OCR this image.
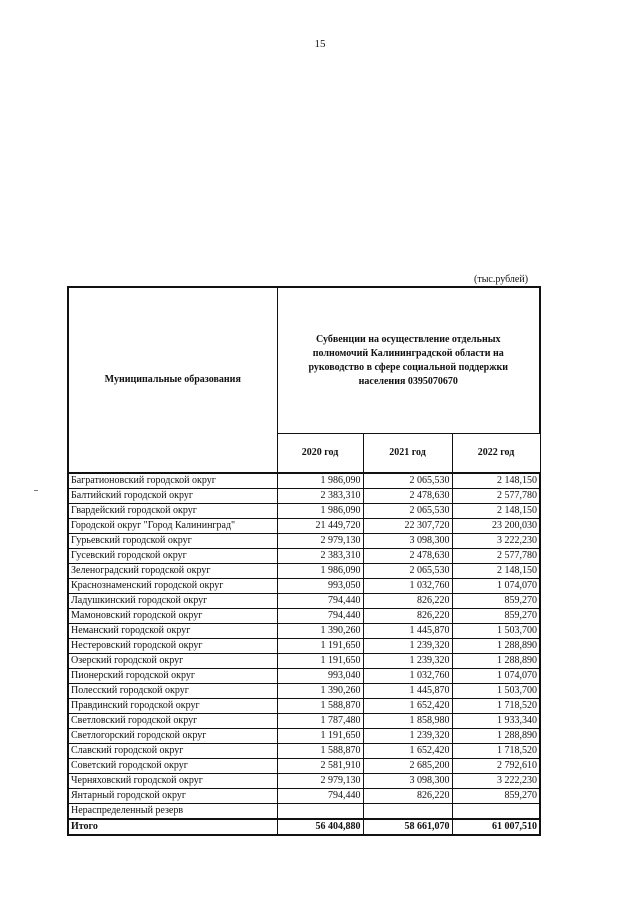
15
(тыс.рублей)
Муниципальные образования	Субвенции на осуществление отдельных полномочий Калининградской области на руководство в сфере социальной поддержки населения 0395070670		
	2020 год	2021 год	2022 год
Багратионовский городской округ	1 986,090	2 065,530	2 148,150
Балтийский городской округ	2 383,310	2 478,630	2 577,780
Гвардейский городской округ	1 986,090	2 065,530	2 148,150
Городской округ "Город Калининград"	21 449,720	22 307,720	23 200,030
Гурьевский городской округ	2 979,130	3 098,300	3 222,230
Гусевский городской округ	2 383,310	2 478,630	2 577,780
Зеленоградский городской округ	1 986,090	2 065,530	2 148,150
Краснознаменский городской округ	993,050	1 032,760	1 074,070
Ладушкинский городской округ	794,440	826,220	859,270
Мамоновский городской округ	794,440	826,220	859,270
Неманский городской округ	1 390,260	1 445,870	1 503,700
Нестеровский городской округ	1 191,650	1 239,320	1 288,890
Озерский городской округ	1 191,650	1 239,320	1 288,890
Пионерский городской округ	993,040	1 032,760	1 074,070
Полесский городской округ	1 390,260	1 445,870	1 503,700
Правдинский городской округ	1 588,870	1 652,420	1 718,520
Светловский городской округ	1 787,480	1 858,980	1 933,340
Светлогорский городской округ	1 191,650	1 239,320	1 288,890
Славский городской округ	1 588,870	1 652,420	1 718,520
Советский городской округ	2 581,910	2 685,200	2 792,610
Черняховский городской округ	2 979,130	3 098,300	3 222,230
Янтарный городской округ	794,440	826,220	859,270
Нераспределенный резерв			
Итого	56 404,880	58 661,070	61 007,510
